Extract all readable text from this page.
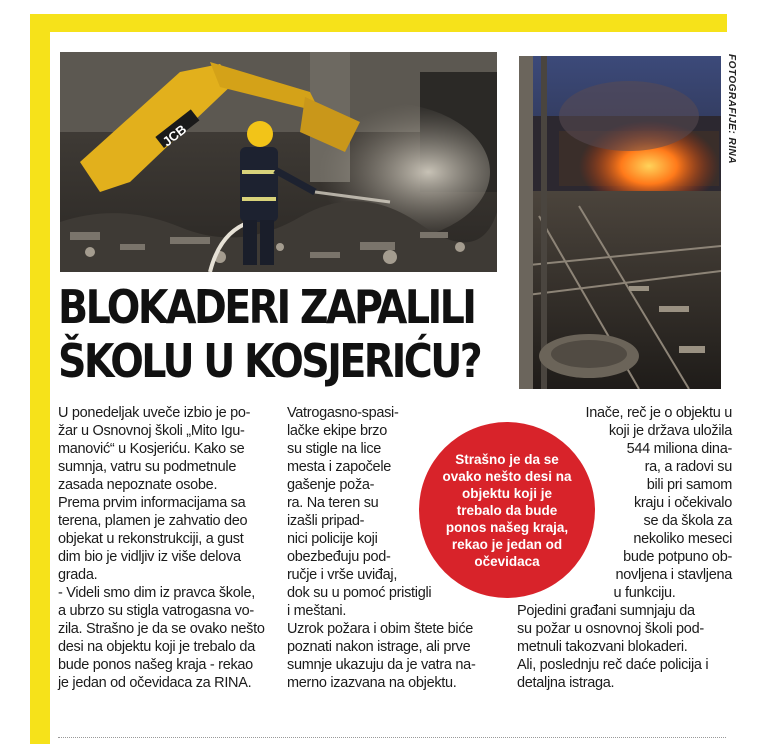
JCB	FOTOGRAFIJE: RINA
BLOKADERI ZAPALILI
ŠKOLU U KOSJERIĆU?

U ponedeljak uveče izbio je po-

žar u Osnovnoj školi „Mito Igu-

manović“ u Kosjeriću. Kako se

sumnja, vatru su podmetnule

zasada nepoznate osobe.

Prema prvim informacijama sa

terena, plamen je zahvatio deo

objekat u rekonstrukciji, a gust

dim bio je vidljiv iz više delova

grada.

- Videli smo dim iz pravca škole,

a ubrzo su stigla vatrogasna vo-

zila. Strašno je da se ovako nešto

desi na objektu koji je trebalo da

bude ponos našeg kraja - rekao

je jedan od očevidaca za RINA.

Vatrogasno-spasi-

lačke ekipe brzo

su stigle na lice

mesta i započele

gašenje poža-

ra. Na teren su

izašli pripad-

nici policije koji

obezbeđuju pod-

ručje i vrše uviđaj,

dok su u pomoć pristigli

i meštani.

Uzrok požara i obim štete biće

poznati nakon istrage, ali prve

sumnje ukazuju da je vatra na-

merno izazvana na objektu.

Inače, reč je o objektu u

koji je država uložila

544 miliona dina-

ra, a radovi su

bili pri samom

kraju i očekivalo

se da škola za

nekoliko meseci

bude potpuno ob-

novljena i stavljena

u funkciju.

Pojedini građani sumnjaju da

su požar u osnovnoj školi pod-

metnuli takozvani blokaderi.

Ali, poslednju reč daće policija i

detaljna istraga.

Strašno je da se ovako nešto desi na objektu koji je trebalo da bude ponos našeg kraja, rekao je jedan od očevidaca
